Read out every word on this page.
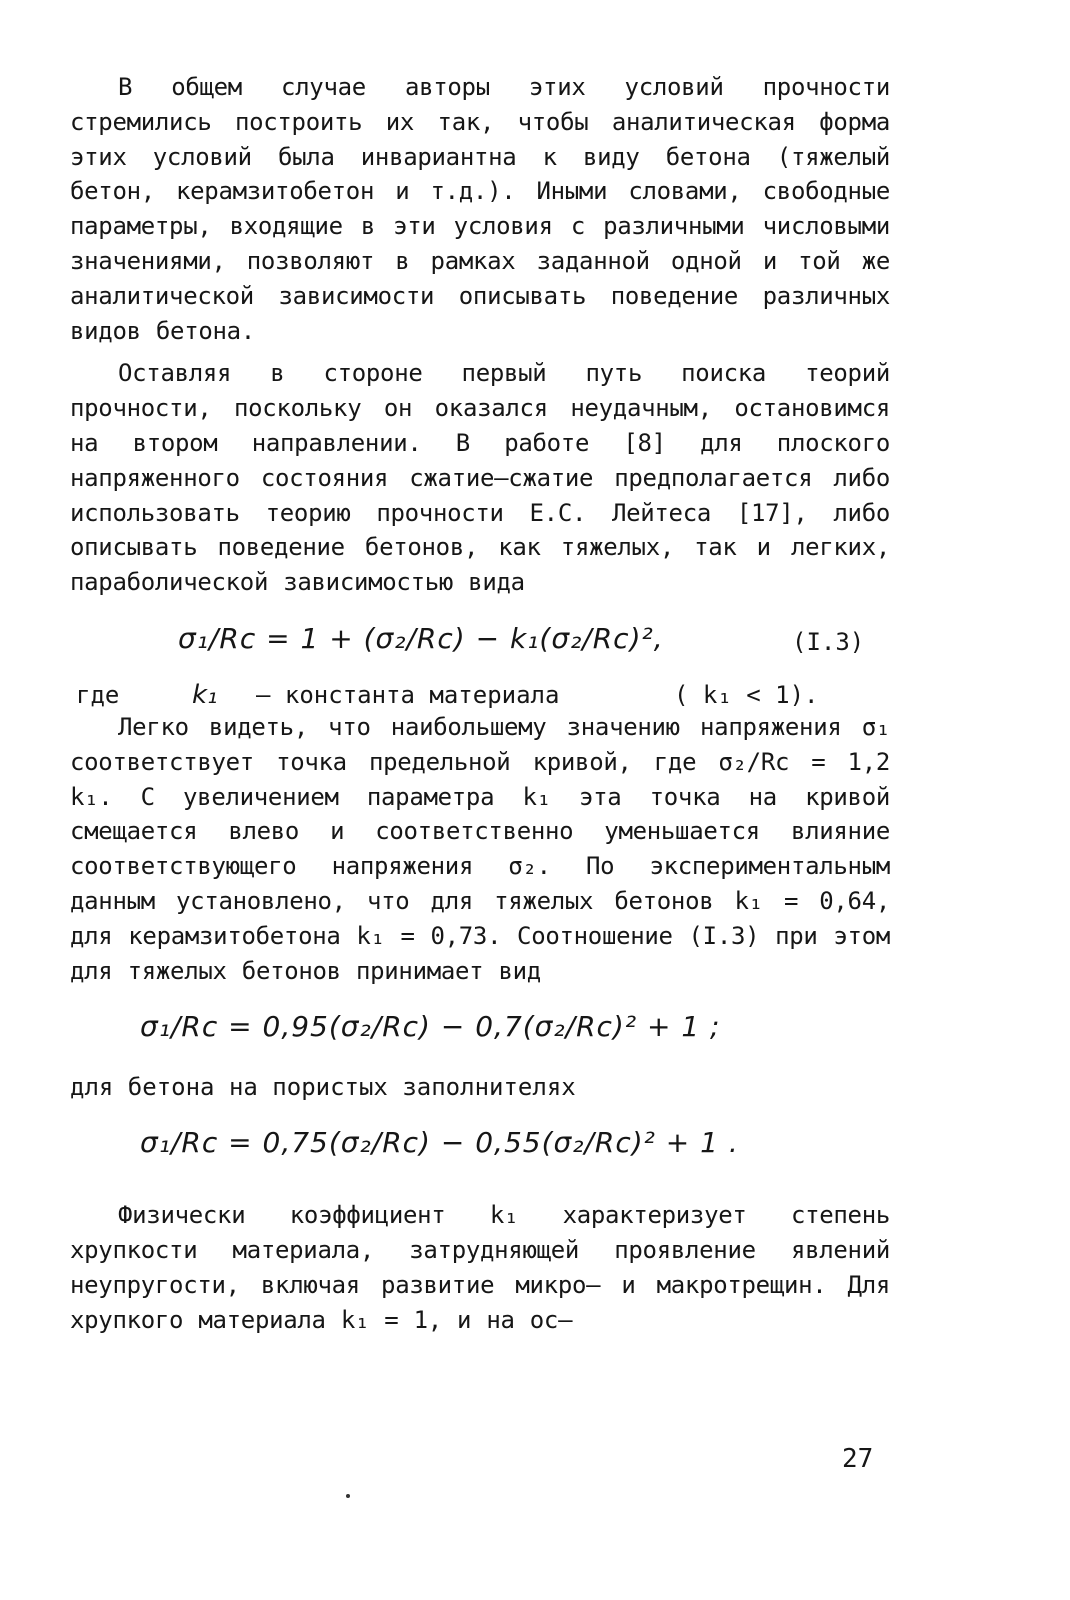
В общем случае авторы этих условий прочности стремились построить их так, чтобы аналитическая форма этих условий была инвариантна к виду бетона (тяжелый бетон, керамзитобетон и т.д.). Иными словами, свободные параметры, входящие в эти условия с различными числовыми значениями, позволяют в рамках заданной одной и той же аналитической зависимости описывать поведение различных видов бетона.

Оставляя в стороне первый путь поиска теорий прочности, поскольку он оказался неудачным, остановимся на втором направлении. В работе [8] для плоского напряженного состояния сжатие–сжатие предполагается либо использовать теорию прочности Е.С. Лейтеса [17], либо описывать поведение бетонов, как тяжелых, так и легких, параболической зависимостью вида

σ₁/Rс = 1 + (σ₂/Rс) − k₁(σ₂/Rс)²,	(I.3)
где	k₁ – константа материала	( k₁ < 1).

Легко видеть, что наибольшему значению напряжения σ₁ соответствует точка предельной кривой, где σ₂/Rс = 1,2 k₁. С увеличением параметра k₁ эта точка на кривой смещается влево и соответственно уменьшается влияние соответствующего напряжения σ₂. По экспериментальным данным установлено, что для тяжелых бетонов k₁ = 0,64, для керамзитобетона k₁ = 0,73. Соотношение (I.3) при этом для тяжелых бетонов принимает вид

σ₁/Rс = 0,95(σ₂/Rс) − 0,7(σ₂/Rс)² + 1 ;

для бетона на пористых заполнителях

σ₁/Rс = 0,75(σ₂/Rс) − 0,55(σ₂/Rс)² + 1 .

Физически коэффициент k₁ характеризует степень хрупкости материала, затрудняющей проявление явлений неупругости, включая развитие микро– и макротрещин. Для хрупкого материала k₁ = 1, и на ос–

27
